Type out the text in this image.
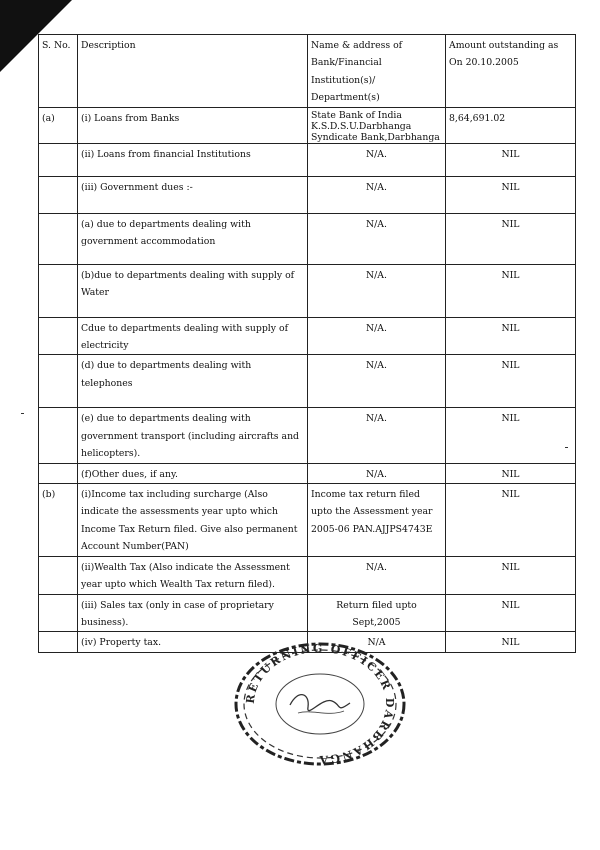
S. No.	Description	Name & address of Bank/Financial Institution(s)/ Department(s)	Amount outstanding as On 20.10.2005
(a)	(i) Loans from Banks	State Bank of India K.S.D.S.U.Darbhanga Syndicate Bank,Darbhanga	8,64,691.02
	(ii) Loans from financial Institutions	N/A.	NIL
	(iii) Government dues :-	N/A.	NIL
	(a) due to departments dealing with government accommodation	N/A.	NIL
	(b)due to departments dealing with supply of Water	N/A.	NIL
	Cdue to departments dealing with supply of electricity	N/A.	NIL
	(d) due to departments dealing with telephones	N/A.	NIL
	(e) due to departments dealing with government transport (including aircrafts and helicopters).	N/A.	NIL
	(f)Other dues, if any.	N/A.	NIL
(b)	(i)Income tax including surcharge (Also indicate the assessments year upto which Income Tax Return filed. Give also permanent Account Number(PAN)	Income tax return filed upto the Assessment year 2005-06 PAN.AJJPS4743E	NIL
	(ii)Wealth Tax (Also indicate the Assessment year upto which Wealth Tax return filed).	N/A.	NIL
	(iii) Sales tax (only in case of proprietary business).	Return filed upto Sept,2005	NIL
	(iv) Property tax.	N/A	NIL
RETURNING OFFICER DARBHANGA
